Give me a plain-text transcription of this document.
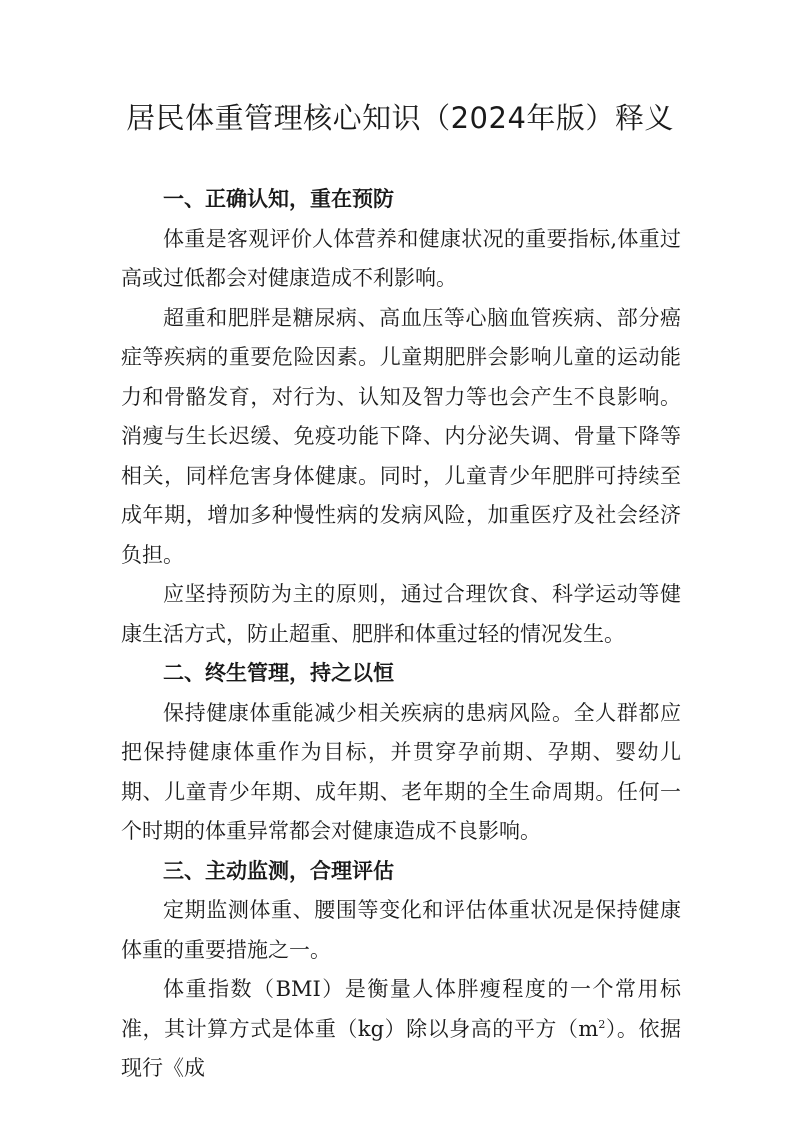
居民体重管理核心知识（2024年版）释义

一、正确认知，重在预防

体重是客观评价人体营养和健康状况的重要指标,体重过高或过低都会对健康造成不利影响。

超重和肥胖是糖尿病、高血压等心脑血管疾病、部分癌症等疾病的重要危险因素。儿童期肥胖会影响儿童的运动能力和骨骼发育，对行为、认知及智力等也会产生不良影响。消瘦与生长迟缓、免疫功能下降、内分泌失调、骨量下降等相关，同样危害身体健康。同时，儿童青少年肥胖可持续至成年期，增加多种慢性病的发病风险，加重医疗及社会经济负担。

应坚持预防为主的原则，通过合理饮食、科学运动等健康生活方式，防止超重、肥胖和体重过轻的情况发生。

二、终生管理，持之以恒

保持健康体重能减少相关疾病的患病风险。全人群都应把保持健康体重作为目标，并贯穿孕前期、孕期、婴幼儿期、儿童青少年期、成年期、老年期的全生命周期。任何一个时期的体重异常都会对健康造成不良影响。

三、主动监测，合理评估

定期监测体重、腰围等变化和评估体重状况是保持健康体重的重要措施之一。

体重指数（BMI）是衡量人体胖瘦程度的一个常用标准，其计算方式是体重（kg）除以身高的平方$(m^2)$。依据现行《成
